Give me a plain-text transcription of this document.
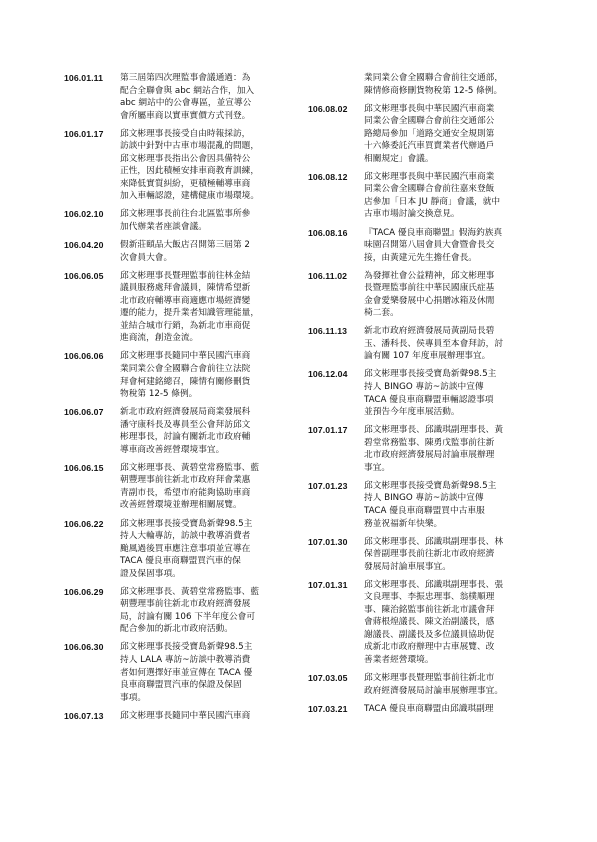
106.01.11	第三屆第四次理監事會議通過：為
配合全聯會與 abc 網站合作，加入
abc 網站中的公會專區，並宣導公
會所屬車商以實車實價方式刊登。
106.01.17	邱文彬理事長接受自由時報採訪，
訪談中針對中古車市場混亂的問題，
邱文彬理事長指出公會因具備特公
正性，因此積極安排車商教育訓練，
來降低實質糾紛，更積極輔導車商
加入車輛認證，建構健康市場環境。
106.02.10	邱文彬理事長前往台北區監事所參
加代辦業者座談會議。
106.04.20	假新莊頤品大飯店召開第三屆第 2
次會員大會。
106.06.05	邱文彬理事長暨理監事前往林金結
議員服務處拜會議員，陳情希望新
北市政府輔導車商適應市場經濟變
遷的能力，提升業者知識管理能量，
並結合城市行銷，為新北市車商促
進商流，創造金流。
106.06.06	邱文彬理事長隨同中華民國汽車商
業同業公會全國聯合會前往立法院
拜會柯建銘總召，陳情有關修刪貨
物稅第 12-5 條例。
106.06.07	新北市政府經濟發展局商業發展科
潘守康科長及專員至公會拜訪邱文
彬理事長，討論有關新北市政府輔
導車商改善經營環境事宜。
106.06.15	邱文彬理事長、黃碧堂常務監事、藍
朝豐理事前往新北市政府拜會業惠
青副市長，希望市府能夠協助車商
改善經營環境並辦理相關展覽。
106.06.22	邱文彬理事長接受寶島新聲98.5主
持人大輪專訪，訪談中教導消費者
颱風過後買車應注意事項並宣導在
TACA 優良車商聯盟買汽車的保
證及保固事項。
106.06.29	邱文彬理事長、黃碧堂常務監事、藍
朝豐理事前往新北市政府經濟發展
局，討論有關 106 下半年度公會可
配合參加的新北市政府活動。
106.06.30	邱文彬理事長接受寶島新聲98.5主
持人 LALA 專訪~訪談中教導消費
者如何選擇好車並宣傳在 TACA 優
良車商聯盟買汽車的保證及保固
事項。
106.07.13	邱文彬理事長隨同中華民國汽車商
業同業公會全國聯合會前往交通部，
陳情修商修刪貨物稅第 12-5 條例。
106.08.02	邱文彬理事長與中華民國汽車商業
同業公會全國聯合會前往交通部公
路總局參加「道路交通安全規則第
十六條委託汽車買賣業者代辦過戶
相關規定」會議。
106.08.12	邱文彬理事長與中華民國汽車商業
同業公會全國聯合會前往嘉來登飯
店參加「日本 JU 靜商」會議，就中
古車市場討論交換意見。
106.08.16	『TACA 優良車商聯盟』假海釣族真
味園召開第八屆會員大會暨會長交
接，由黃建元先生擔任會長。
106.11.02	為發揮社會公益精神，邱文彬理事
長暨理監事前往中華民國康氏症基
金會愛樂發展中心捐贈冰箱及休閒
椅二套。
106.11.13	新北市政府經濟發展局黃副局長碧
玉、潘科長、侯專員至本會拜訪，討
論有關 107 年度車展辦理事宜。
106.12.04	邱文彬理事長接受寶島新聲98.5主
持人 BINGO 專訪~訪談中宣傳
TACA 優良車商聯盟車輛認證事項
並預告今年度車展活動。
107.01.17	邱文彬理事長、邱識琪副理事長、黃
碧堂常務監事、陳勇戊監事前往新
北市政府經濟發展局討論車展辦理
事宜。
107.01.23	邱文彬理事長接受寶島新聲98.5主
持人 BINGO 專訪~訪談中宣傳
TACA 優良車商聯盟買中古車服
務並祝福新年快樂。
107.01.30	邱文彬理事長、邱識琪副理事長、林
保普副理事長前往新北市政府經濟
發展局討論車展事宜。
107.01.31	邱文彬理事長、邱識琪副理事長、張
文良理事、李振忠理事、翁樸順理
事、陳治銘監事前往新北市議會拜
會蔣根煌議長、陳文治副議長，感
謝議長、副議長及多位議員協助促
成新北市政府辦理中古車展覽、改
善業者經營環境。
107.03.05	邱文彬理事長暨理監事前往新北市
政府經濟發展局討論車展辦理事宜。
107.03.21	TACA 優良車商聯盟由邱識琪副理
